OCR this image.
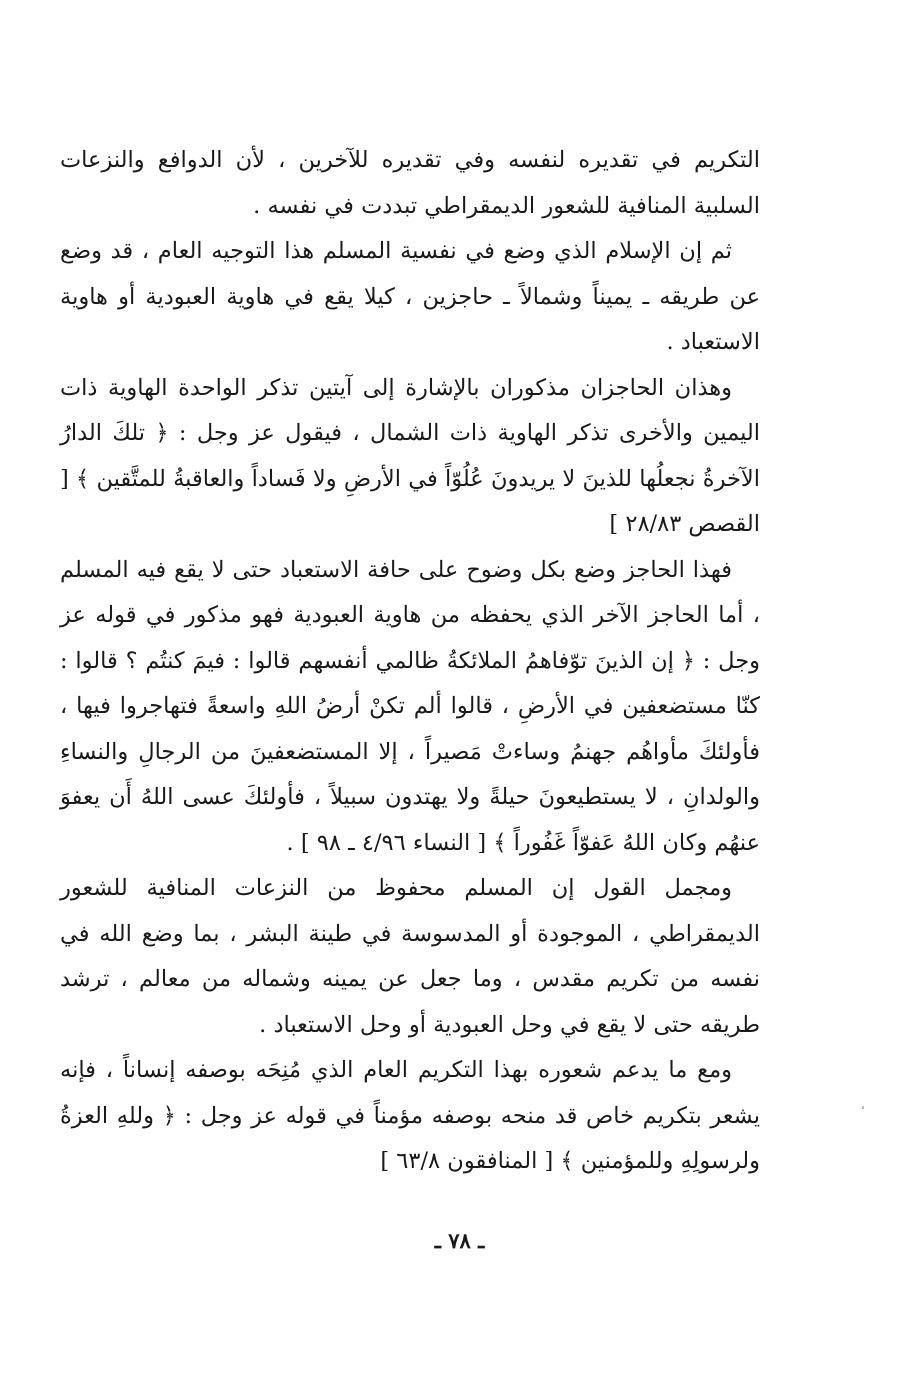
التكريم في تقديره لنفسه وفي تقديره للآخرين ، لأن الدوافع والنزعات السلبية المنافية للشعور الديمقراطي تبددت في نفسه .

ثم إن الإسلام الذي وضع في نفسية المسلم هذا التوجيه العام ، قد وضع عن طريقه ـ يميناً وشمالاً ـ حاجزين ، كيلا يقع في هاوية العبودية أو هاوية الاستعباد .

وهذان الحاجزان مذكوران بالإشارة إلى آيتين تذكر الواحدة الهاوية ذات اليمين والأخرى تذكر الهاوية ذات الشمال ، فيقول عز وجل : ﴿ تلكَ الدارُ الآخرةُ نجعلُها للذينَ لا يريدونَ عُلُوّاً في الأرضِ ولا فَساداً والعاقبةُ للمتَّقين ﴾ [ القصص ٢٨/٨٣ ]

فهذا الحاجز وضع بكل وضوح على حافة الاستعباد حتى لا يقع فيه المسلم ، أما الحاجز الآخر الذي يحفظه من هاوية العبودية فهو مذكور في قوله عز وجل : ﴿ إن الذينَ توّفاهمُ الملائكةُ ظالمي أنفسهم قالوا : فيمَ كنتُم ؟ قالوا : كنّا مستضعفين في الأرضِ ، قالوا ألم تكنْ أرضُ اللهِ واسعةً فتهاجروا فيها ، فأولئكَ مأواهُم جهنمُ وساءتْ مَصيراً ، إلا المستضعفينَ من الرجالِ والنساءِ والولدانِ ، لا يستطيعونَ حيلةً ولا يهتدون سبيلاً ، فأولئكَ عسى اللهُ أَن يعفوَ عنهُم وكان اللهُ عَفوّاً غَفُوراً ﴾ [ النساء ٤/٩٦ ـ ٩٨ ] .

ومجمل القول إن المسلم محفوظ من النزعات المنافية للشعور الديمقراطي ، الموجودة أو المدسوسة في طينة البشر ، بما وضع الله في نفسه من تكريم مقدس ، وما جعل عن يمينه وشماله من معالم ، ترشد طريقه حتى لا يقع في وحل العبودية أو وحل الاستعباد .

ومع ما يدعم شعوره بهذا التكريم العام الذي مُنِحَه بوصفه إنساناً ، فإنه يشعر بتكريم خاص قد منحه بوصفه مؤمناً في قوله عز وجل : ﴿ وللهِ العزةُ ولرسولِهِ وللمؤمنين ﴾ [ المنافقون ٦٣/٨ ]

ـ ٧٨ ـ
